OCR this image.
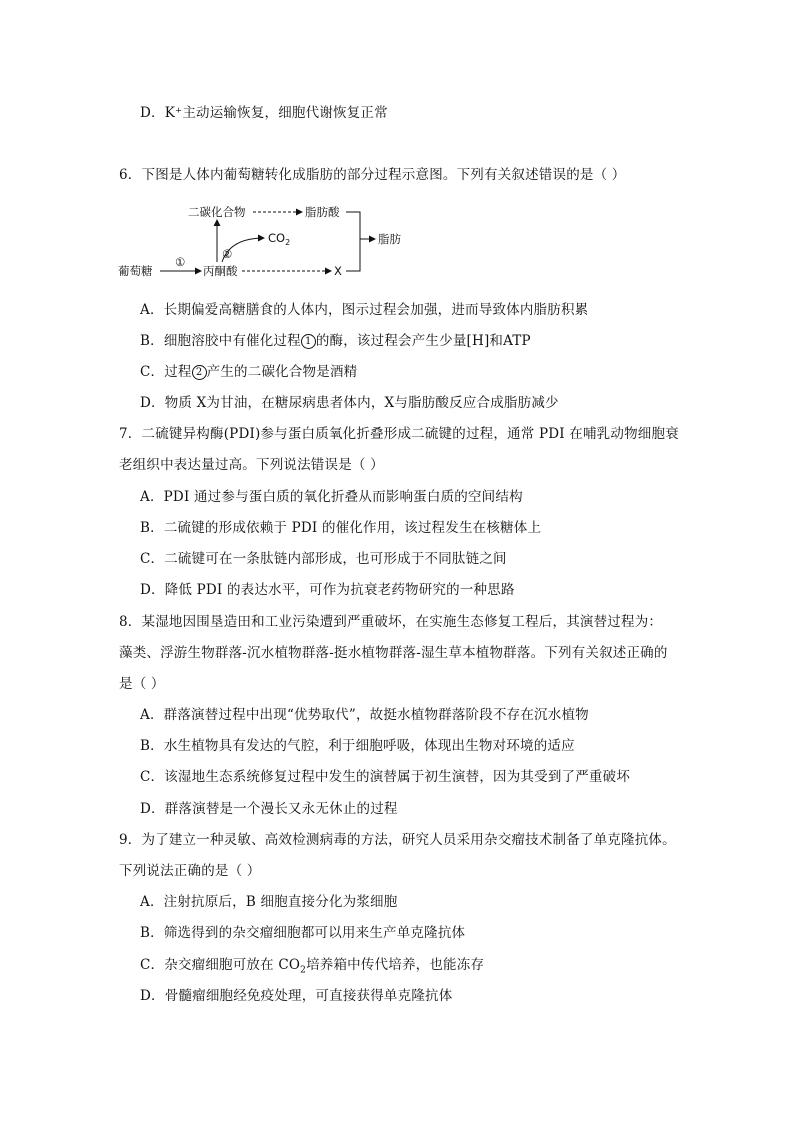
D．K⁺主动运输恢复，细胞代谢恢复正常
6．下图是人体内葡萄糖转化成脂肪的部分过程示意图。下列有关叙述错误的是（ ）
二碳化合物	脂肪酸
脂肪
葡萄糖	丙酮酸	X
$CO_2$
①
②
A．长期偏爱高糖膳食的人体内，图示过程会加强，进而导致体内脂肪积累
B．细胞溶胶中有催化过程 1 的酶，该过程会产生少量[H]和ATP
C．过程 2 产生的二碳化合物是酒精
D．物质 X为甘油，在糖尿病患者体内，X与脂肪酸反应合成脂肪减少
7．二硫键异构酶(PDI)参与蛋白质氧化折叠形成二硫键的过程，通常 PDI 在哺乳动物细胞衰
老组织中表达量过高。下列说法错误是（ ）
A．PDI 通过参与蛋白质的氧化折叠从而影响蛋白质的空间结构
B．二硫键的形成依赖于 PDI 的催化作用，该过程发生在核糖体上
C．二硫键可在一条肽链内部形成，也可形成于不同肽链之间
D．降低 PDI 的表达水平，可作为抗衰老药物研究的一种思路
8．某湿地因围垦造田和工业污染遭到严重破坏，在实施生态修复工程后，其演替过程为：
藻类、浮游生物群落-沉水植物群落-挺水植物群落-湿生草本植物群落。下列有关叙述正确的
是（ ）
A．群落演替过程中出现“优势取代”，故挺水植物群落阶段不存在沉水植物
B．水生植物具有发达的气腔，利于细胞呼吸，体现出生物对环境的适应
C．该湿地生态系统修复过程中发生的演替属于初生演替，因为其受到了严重破坏
D．群落演替是一个漫长又永无休止的过程
9．为了建立一种灵敏、高效检测病毒的方法，研究人员采用杂交瘤技术制备了单克隆抗体。
下列说法正确的是（ ）
A．注射抗原后，B 细胞直接分化为浆细胞
B．筛选得到的杂交瘤细胞都可以用来生产单克隆抗体
C．杂交瘤细胞可放在 $CO_2$培养箱中传代培养，也能冻存
D．骨髓瘤细胞经免疫处理，可直接获得单克隆抗体
